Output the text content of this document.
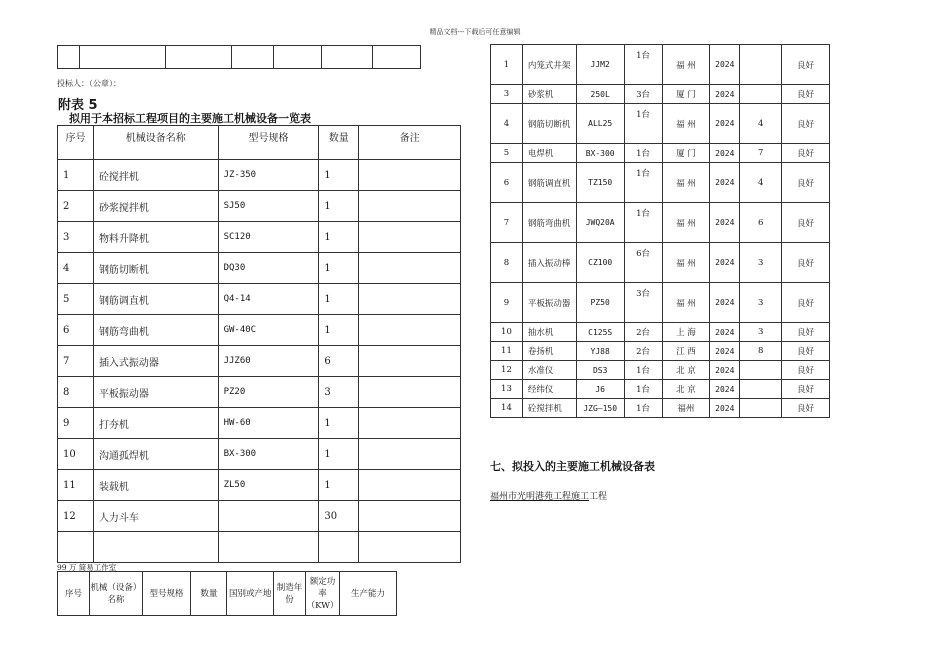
精品文档---下载后可任意编辑

投标人：（公章）：
附表 5
拟用于本招标工程项目的主要施工机械设备一览表
序号	机械设备名称	型号规格	数量	备注
1	砼搅拌机	JZ-350	1	
2	砂浆搅拌机	SJ50	1	
3	物料升降机	SC120	1	
4	钢筋切断机	DQ30	1	
5	钢筋调直机	Q4-14	1	
6	钢筋弯曲机	GW-40C	1	
7	插入式振动器	JJZ60	6	
8	平板振动器	PZ20	3	
9	打夯机	HW-60	1	
10	沟通孤焊机	BX-300	1	
11	装载机	ZL50	1	
12	人力斗车		30	

99 万 简易工作室
序号	机械（设备）名称	型号规格	数量	国别或产地	制造年份	额定功率（KW）	生产能力
1	内笼式井架	JJM2	1台	福 州	2024		良好
3	砂浆机	250L	3台	厦 门	2024		良好
4	钢筋切断机	ALL25	1台	福 州	2024	4	良好
5	电焊机	BX-300	1台	厦 门	2024	7	良好
6	钢筋调直机	TZ150	1台	福 州	2024	4	良好
7	钢筋弯曲机	JWQ20A	1台	福 州	2024	6	良好
8	插入振动棒	CZ100	6台	福 州	2024	3	良好
9	平板振动器	PZ50	3台	福 州	2024	3	良好
10	抽水机	C125S	2台	上 海	2024	3	良好
11	卷扬机	YJ88	2台	江 西	2024	8	良好
12	水准仪	DS3	1台	北 京	2024		良好
13	经纬仪	J6	1台	北 京	2024		良好
14	砼搅拌机	JZG—150	1台	福州	2024		良好
七、拟投入的主要施工机械设备表
福州市光明港苑工程施工工程
